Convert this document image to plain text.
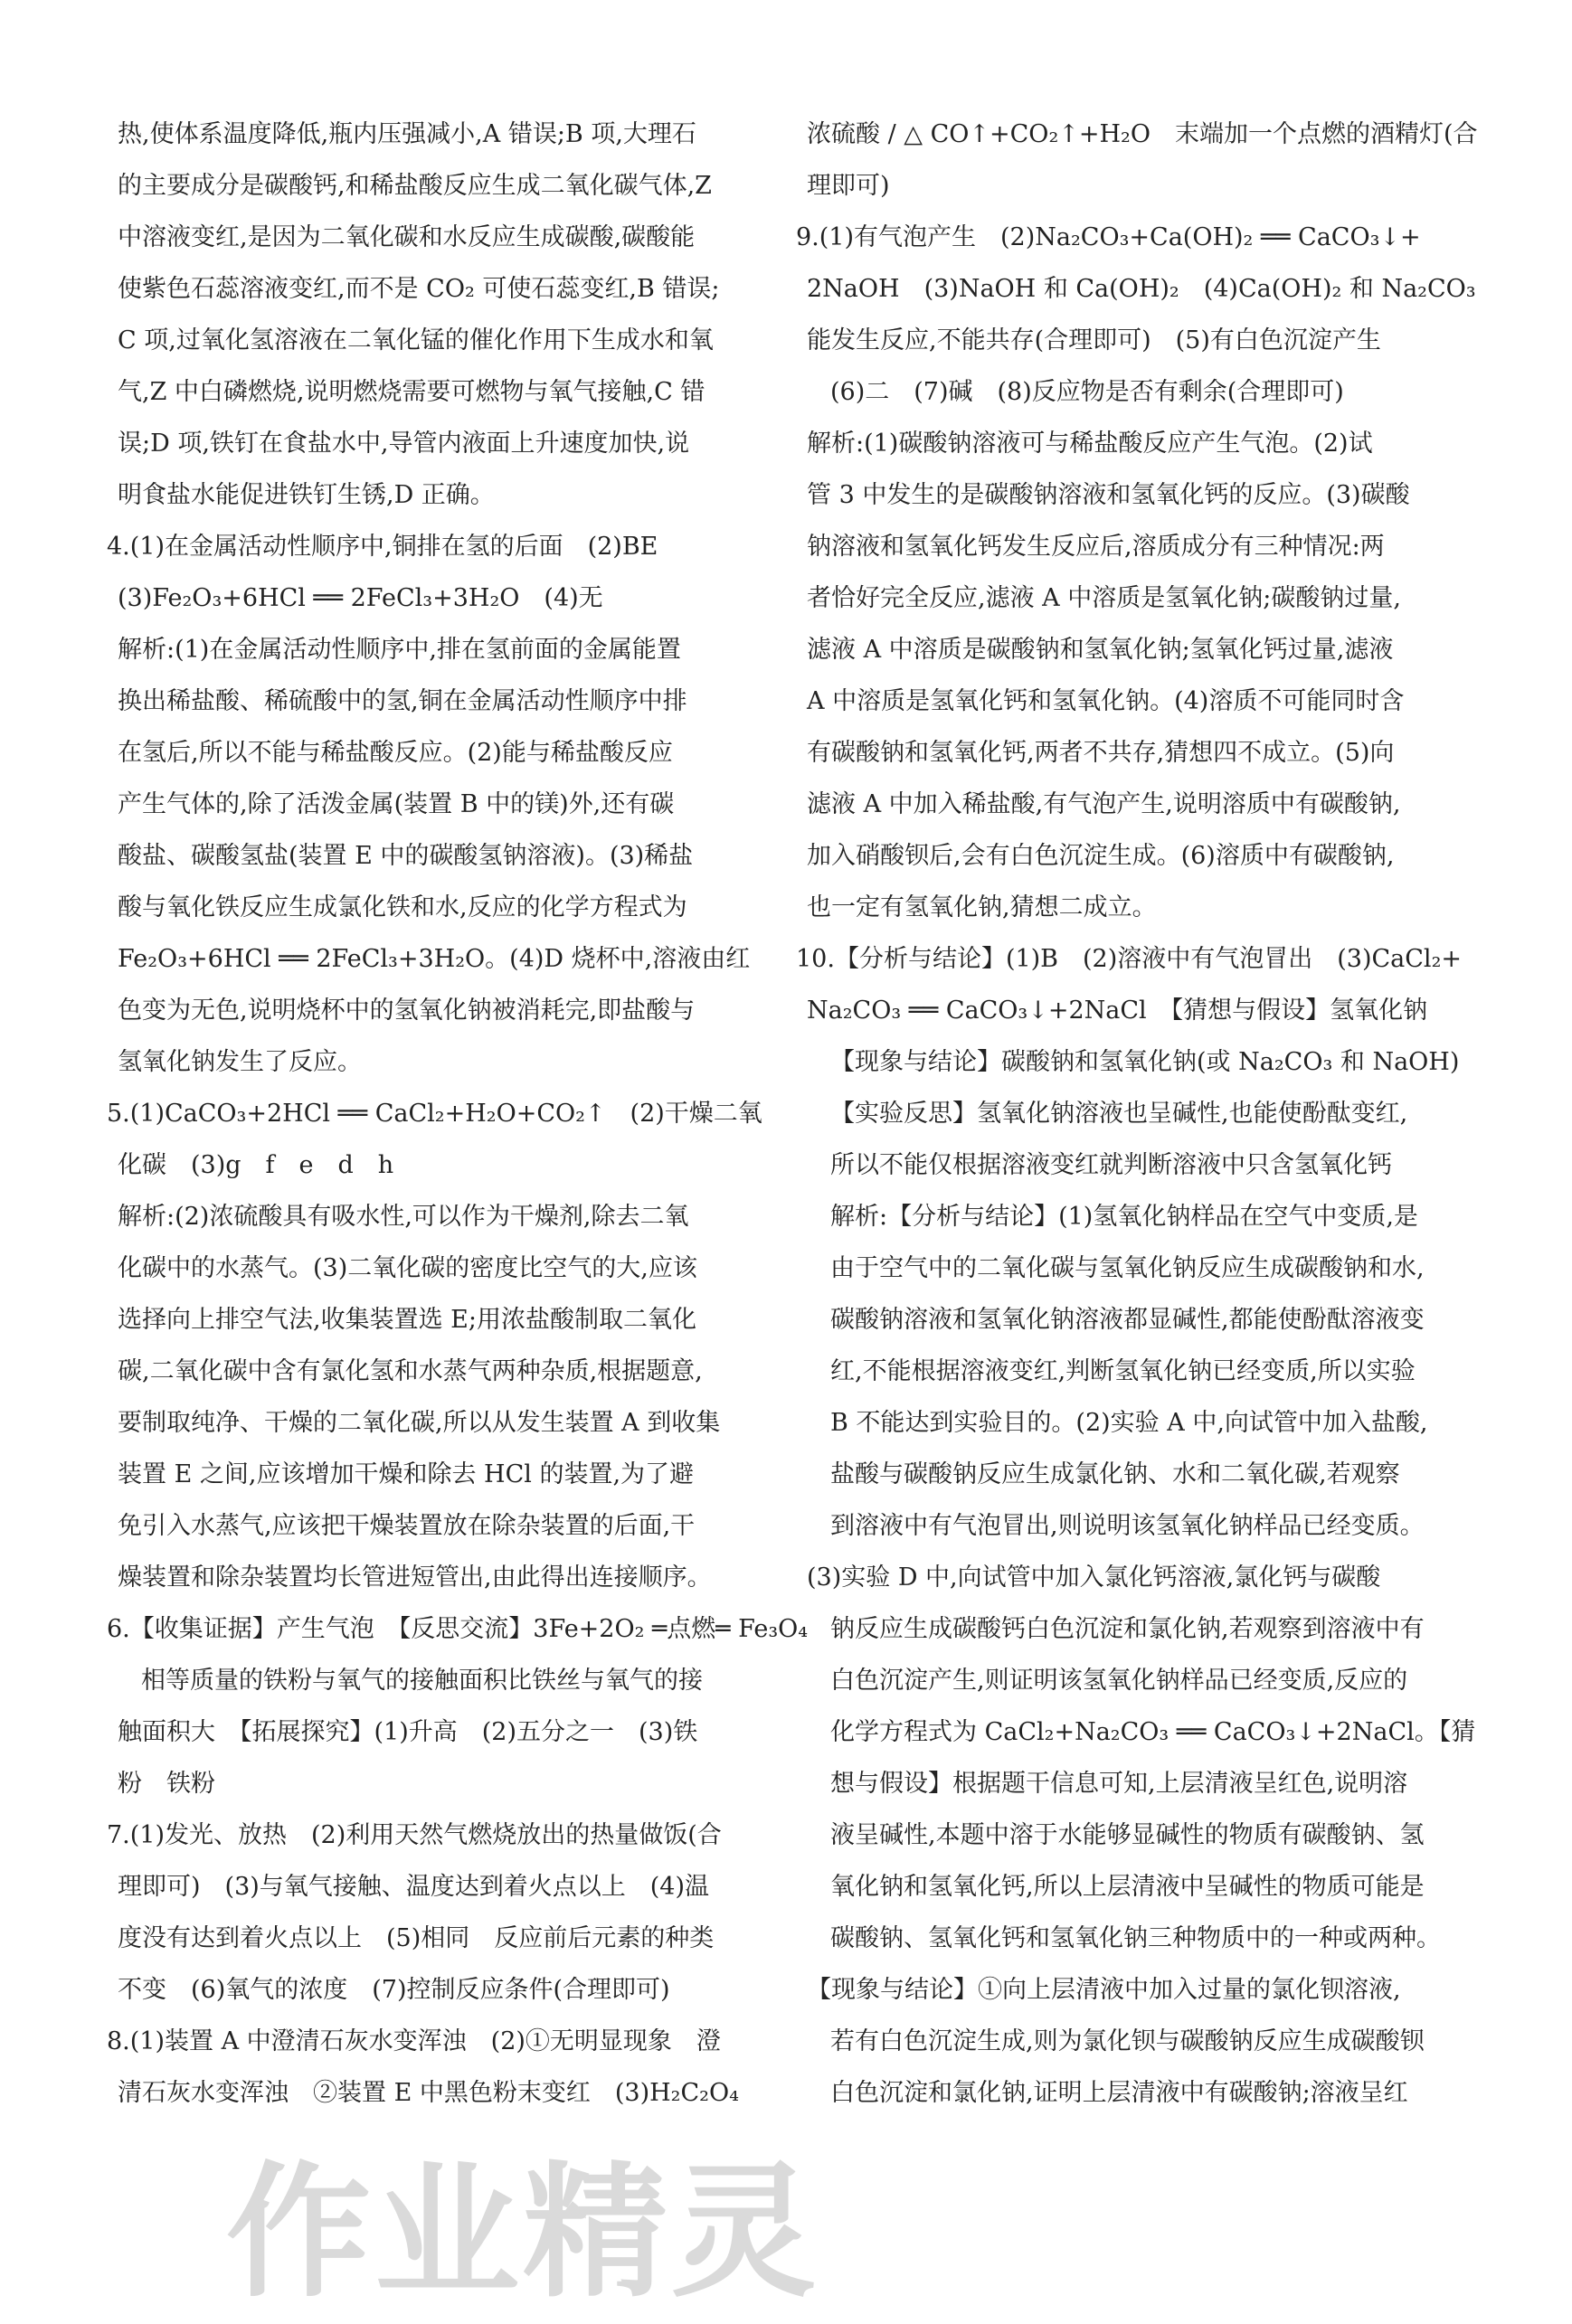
热,使体系温度降低,瓶内压强减小,A 错误;B 项,大理石

的主要成分是碳酸钙,和稀盐酸反应生成二氧化碳气体,Z

中溶液变红,是因为二氧化碳和水反应生成碳酸,碳酸能

使紫色石蕊溶液变红,而不是 CO₂ 可使石蕊变红,B 错误;

C 项,过氧化氢溶液在二氧化锰的催化作用下生成水和氧

气,Z 中白磷燃烧,说明燃烧需要可燃物与氧气接触,C 错

误;D 项,铁钉在食盐水中,导管内液面上升速度加快,说

明食盐水能促进铁钉生锈,D 正确。

4.(1)在金属活动性顺序中,铜排在氢的后面　(2)BE

(3)Fe₂O₃+6HCl ══ 2FeCl₃+3H₂O　(4)无

解析:(1)在金属活动性顺序中,排在氢前面的金属能置

换出稀盐酸、稀硫酸中的氢,铜在金属活动性顺序中排

在氢后,所以不能与稀盐酸反应。(2)能与稀盐酸反应

产生气体的,除了活泼金属(装置 B 中的镁)外,还有碳

酸盐、碳酸氢盐(装置 E 中的碳酸氢钠溶液)。(3)稀盐

酸与氧化铁反应生成氯化铁和水,反应的化学方程式为

Fe₂O₃+6HCl ══ 2FeCl₃+3H₂O。(4)D 烧杯中,溶液由红

色变为无色,说明烧杯中的氢氧化钠被消耗完,即盐酸与

氢氧化钠发生了反应。

5.(1)CaCO₃+2HCl ══ CaCl₂+H₂O+CO₂↑　(2)干燥二氧

化碳　(3)g　f　e　d　h

解析:(2)浓硫酸具有吸水性,可以作为干燥剂,除去二氧

化碳中的水蒸气。(3)二氧化碳的密度比空气的大,应该

选择向上排空气法,收集装置选 E;用浓盐酸制取二氧化

碳,二氧化碳中含有氯化氢和水蒸气两种杂质,根据题意,

要制取纯净、干燥的二氧化碳,所以从发生装置 A 到收集

装置 E 之间,应该增加干燥和除去 HCl 的装置,为了避

免引入水蒸气,应该把干燥装置放在除杂装置的后面,干

燥装置和除杂装置均长管进短管出,由此得出连接顺序。

6.【收集证据】产生气泡　【反思交流】3Fe+2O₂ ═点燃═ Fe₃O₄

相等质量的铁粉与氧气的接触面积比铁丝与氧气的接

触面积大　【拓展探究】(1)升高　(2)五分之一　(3)铁

粉　铁粉

7.(1)发光、放热　(2)利用天然气燃烧放出的热量做饭(合

理即可)　(3)与氧气接触、温度达到着火点以上　(4)温

度没有达到着火点以上　(5)相同　反应前后元素的种类

不变　(6)氧气的浓度　(7)控制反应条件(合理即可)

8.(1)装置 A 中澄清石灰水变浑浊　(2)①无明显现象　澄

清石灰水变浑浊　②装置 E 中黑色粉末变红　(3)H₂C₂O₄

浓硫酸 / △ CO↑+CO₂↑+H₂O　末端加一个点燃的酒精灯(合

理即可)

9.(1)有气泡产生　(2)Na₂CO₃+Ca(OH)₂ ══ CaCO₃↓+

2NaOH　(3)NaOH 和 Ca(OH)₂　(4)Ca(OH)₂ 和 Na₂CO₃

能发生反应,不能共存(合理即可)　(5)有白色沉淀产生

(6)二　(7)碱　(8)反应物是否有剩余(合理即可)

解析:(1)碳酸钠溶液可与稀盐酸反应产生气泡。(2)试

管 3 中发生的是碳酸钠溶液和氢氧化钙的反应。(3)碳酸

钠溶液和氢氧化钙发生反应后,溶质成分有三种情况:两

者恰好完全反应,滤液 A 中溶质是氢氧化钠;碳酸钠过量,

滤液 A 中溶质是碳酸钠和氢氧化钠;氢氧化钙过量,滤液

A 中溶质是氢氧化钙和氢氧化钠。(4)溶质不可能同时含

有碳酸钠和氢氧化钙,两者不共存,猜想四不成立。(5)向

滤液 A 中加入稀盐酸,有气泡产生,说明溶质中有碳酸钠,

加入硝酸钡后,会有白色沉淀生成。(6)溶质中有碳酸钠,

也一定有氢氧化钠,猜想二成立。

10.【分析与结论】(1)B　(2)溶液中有气泡冒出　(3)CaCl₂+

Na₂CO₃ ══ CaCO₃↓+2NaCl　【猜想与假设】氢氧化钠

【现象与结论】碳酸钠和氢氧化钠(或 Na₂CO₃ 和 NaOH)

【实验反思】氢氧化钠溶液也呈碱性,也能使酚酞变红,

所以不能仅根据溶液变红就判断溶液中只含氢氧化钙

解析:【分析与结论】(1)氢氧化钠样品在空气中变质,是

由于空气中的二氧化碳与氢氧化钠反应生成碳酸钠和水,

碳酸钠溶液和氢氧化钠溶液都显碱性,都能使酚酞溶液变

红,不能根据溶液变红,判断氢氧化钠已经变质,所以实验

B 不能达到实验目的。(2)实验 A 中,向试管中加入盐酸,

盐酸与碳酸钠反应生成氯化钠、水和二氧化碳,若观察

到溶液中有气泡冒出,则说明该氢氧化钠样品已经变质。

(3)实验 D 中,向试管中加入氯化钙溶液,氯化钙与碳酸

钠反应生成碳酸钙白色沉淀和氯化钠,若观察到溶液中有

白色沉淀产生,则证明该氢氧化钠样品已经变质,反应的

化学方程式为 CaCl₂+Na₂CO₃ ══ CaCO₃↓+2NaCl。【猜

想与假设】根据题干信息可知,上层清液呈红色,说明溶

液呈碱性,本题中溶于水能够显碱性的物质有碳酸钠、氢

氧化钠和氢氧化钙,所以上层清液中呈碱性的物质可能是

碳酸钠、氢氧化钙和氢氧化钠三种物质中的一种或两种。

【现象与结论】①向上层清液中加入过量的氯化钡溶液,

若有白色沉淀生成,则为氯化钡与碳酸钠反应生成碳酸钡

白色沉淀和氯化钠,证明上层清液中有碳酸钠;溶液呈红

作业精灵
